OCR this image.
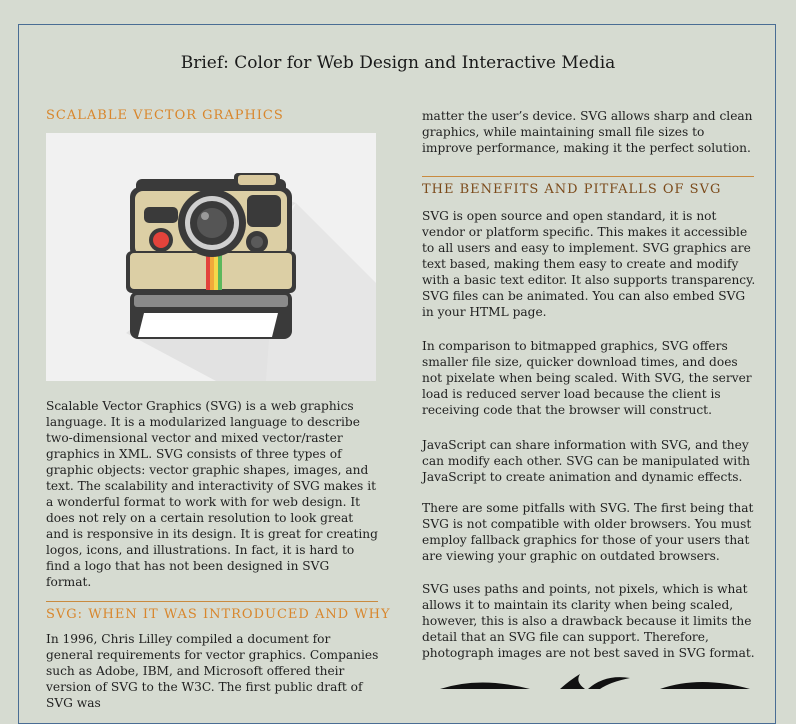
Brief: Color for Web Design and Interactive Media
SCALABLE VECTOR GRAPHICS

Scalable Vector Graphics (SVG) is a web graphics language. It is a modularized language to describe two-dimensional vector and mixed vector/raster graphics in XML. SVG consists of three types of graphic objects: vector graphic shapes, images, and text. The scalability and interactivity of SVG makes it a wonderful format to work with for web design. It does not rely on a certain resolution to look great and is responsive in its design. It is great for creating logos, icons, and illustrations. In fact, it is hard to find a logo that has not been designed in SVG format.

SVG: WHEN IT WAS INTRODUCED AND WHY

In 1996, Chris Lilley compiled a document for general requirements for vector graphics. Companies such as Adobe, IBM, and Microsoft offered their version of SVG to the W3C. The first public draft of SVG was

matter the user’s device. SVG allows sharp and clean graphics, while maintaining small file sizes to improve performance, making it the perfect solution.

THE BENEFITS AND PITFALLS OF SVG

SVG is open source and open standard, it is not vendor or platform specific. This makes it accessible to all users and easy to implement. SVG graphics are text based, making them easy to create and modify with a basic text editor. It also supports transparency. SVG files can be animated. You can also embed SVG in your HTML page.

In comparison to bitmapped graphics, SVG offers smaller file size, quicker download times, and does not pixelate when being scaled. With SVG, the server load is reduced server load because the client is receiving code that the browser will construct.

JavaScript can share information with SVG, and they can modify each other. SVG can be manipulated with JavaScript to create animation and dynamic effects.

There are some pitfalls with SVG. The first being that SVG is not compatible with older browsers. You must employ fallback graphics for those of your users that are viewing your graphic on outdated browsers.

SVG uses paths and points, not pixels, which is what allows it to maintain its clarity when being scaled, however, this is also a drawback because it limits the detail that an SVG file can support. Therefore, photograph images are not best saved in SVG format.
